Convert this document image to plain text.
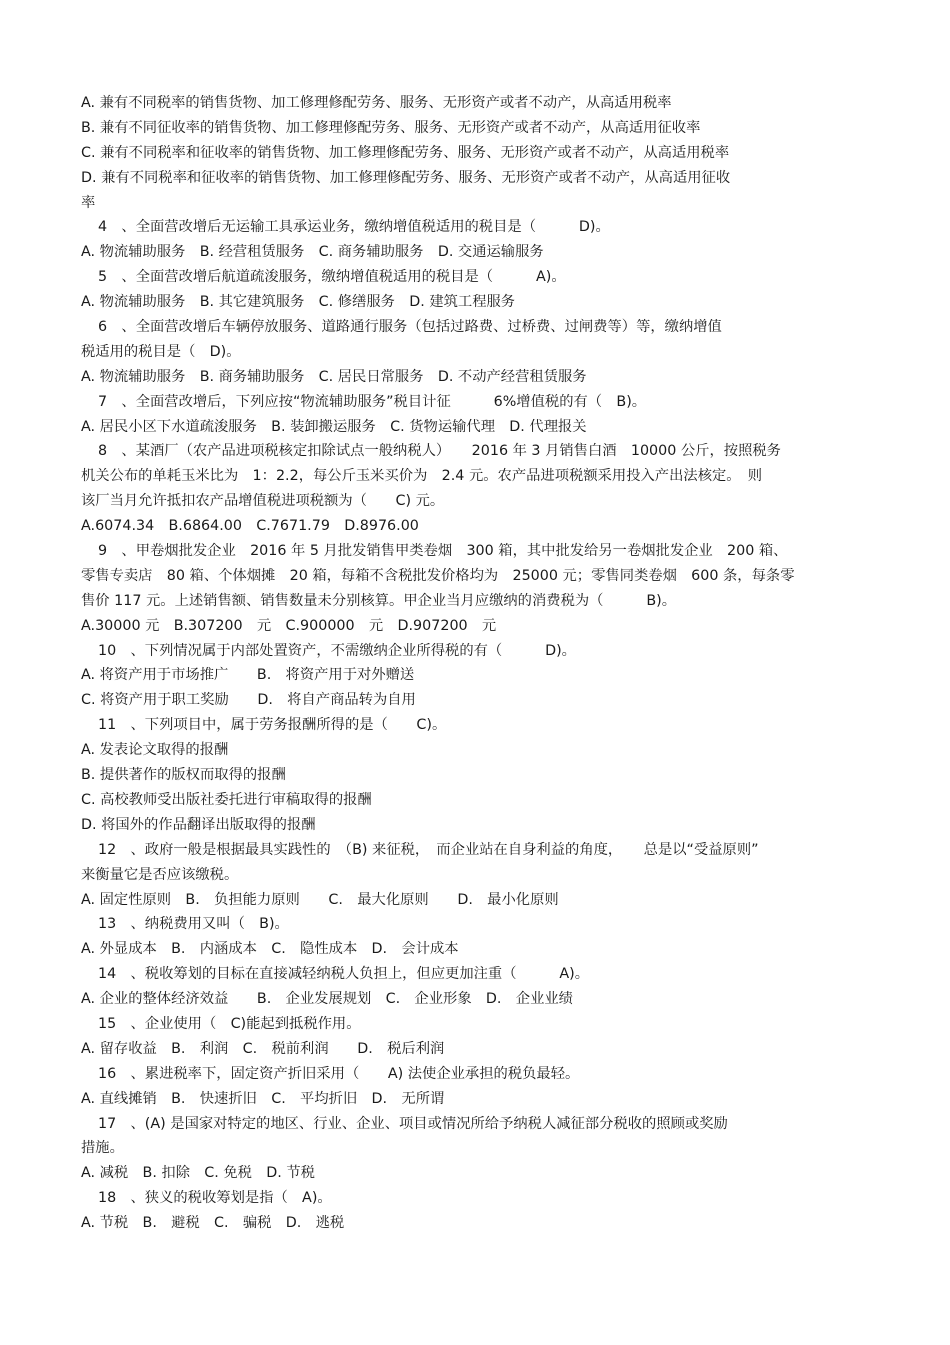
A. 兼有不同税率的销售货物、加工修理修配劳务、服务、无形资产或者不动产，从高适用税率
B. 兼有不同征收率的销售货物、加工修理修配劳务、服务、无形资产或者不动产，从高适用征收率
C. 兼有不同税率和征收率的销售货物、加工修理修配劳务、服务、无形资产或者不动产，从高适用税率
D. 兼有不同税率和征收率的销售货物、加工修理修配劳务、服务、无形资产或者不动产，从高适用征收
率
4　、全面营改增后无运输工具承运业务，缴纳增值税适用的税目是（　　　D)。
A. 物流辅助服务　B. 经营租赁服务　C. 商务辅助服务　D. 交通运输服务
5　、全面营改增后航道疏浚服务，缴纳增值税适用的税目是（　　　A)。
A. 物流辅助服务　B. 其它建筑服务　C. 修缮服务　D. 建筑工程服务
6　、全面营改增后车辆停放服务、道路通行服务（包括过路费、过桥费、过闸费等）等，缴纳增值
税适用的税目是（　D)。
A. 物流辅助服务　B. 商务辅助服务　C. 居民日常服务　D. 不动产经营租赁服务
7　、全面营改增后，下列应按“物流辅助服务”税目计征　　　6%增值税的有（　B)。
A. 居民小区下水道疏浚服务　B. 装卸搬运服务　C. 货物运输代理　D. 代理报关
8　、某酒厂（农产品进项税核定扣除试点一般纳税人）　　2016 年 3 月销售白酒　10000 公斤，按照税务
机关公布的单耗玉米比为　1：2.2，每公斤玉米买价为　2.4 元。农产品进项税额采用投入产出法核定。　则
该厂当月允许抵扣农产品增值税进项税额为（　　C) 元。
A.6074.34　B.6864.00　C.7671.79　D.8976.00
9　、甲卷烟批发企业　2016 年 5 月批发销售甲类卷烟　300 箱，其中批发给另一卷烟批发企业　200 箱、
零售专卖店　80 箱、个体烟摊　20 箱，每箱不含税批发价格均为　25000 元；零售同类卷烟　600 条，每条零
售价 117 元。上述销售额、销售数量未分别核算。甲企业当月应缴纳的消费税为（　　　B)。
A.30000 元　B.307200　元　C.900000　元　D.907200　元
10　、下列情况属于内部处置资产，不需缴纳企业所得税的有（　　　D)。
A. 将资产用于市场推广　　B.　将资产用于对外赠送
C. 将资产用于职工奖励　　D.　将自产商品转为自用
11　、下列项目中，属于劳务报酬所得的是（　　C)。
A. 发表论文取得的报酬
B. 提供著作的版权而取得的报酬
C. 高校教师受出版社委托进行审稿取得的报酬
D. 将国外的作品翻译出版取得的报酬
12　、政府一般是根据最具实践性的　（B) 来征税，　而企业站在自身利益的角度，　　总是以“受益原则”
来衡量它是否应该缴税。
A. 固定性原则　B.　负担能力原则　　C.　最大化原则　　D.　最小化原则
13　、纳税费用又叫（　B)。
A. 外显成本　B.　内涵成本　C.　隐性成本　D.　会计成本
14　、税收筹划的目标在直接减轻纳税人负担上，但应更加注重（　　　A)。
A. 企业的整体经济效益　　B.　企业发展规划　C.　企业形象　D.　企业业绩
15　、企业使用（　C)能起到抵税作用。
A. 留存收益　B.　利润　C.　税前利润　　D.　税后利润
16　、累进税率下，固定资产折旧采用（　　A) 法使企业承担的税负最轻。
A. 直线摊销　B.　快速折旧　C.　平均折旧　D.　无所谓
17　、(A) 是国家对特定的地区、行业、企业、项目或情况所给予纳税人减征部分税收的照顾或奖励
措施。
A. 减税　B. 扣除　C. 免税　D. 节税
18　、狭义的税收筹划是指（　A)。
A. 节税　B.　避税　C.　骗税　D.　逃税
